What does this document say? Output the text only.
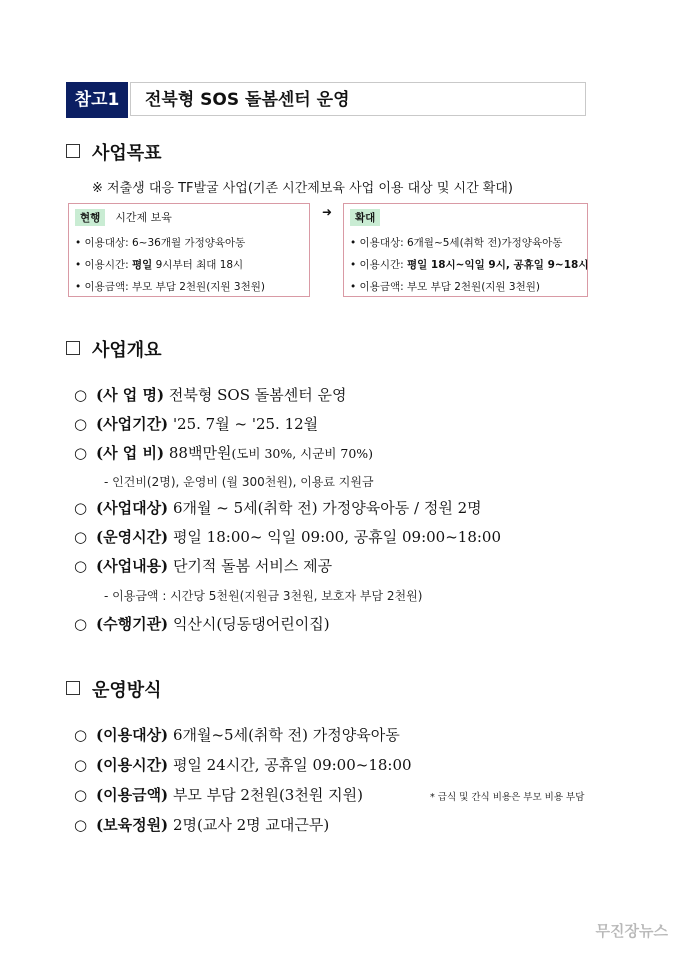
참고1	전북형 SOS 돌봄센터 운영
사업목표
※ 저출생 대응 TF발굴 사업(기존 시간제보육 사업 이용 대상 및 시간 확대)
현행 시간제 보육
• 이용대상: 6~36개월 가정양육아동
• 이용시간: 평일 9시부터 최대 18시
• 이용금액: 부모 부담 2천원(지원 3천원)
➜	확대
• 이용대상: 6개월~5세(취학 전)가정양육아동
• 이용시간: 평일 18시~익일 9시, 공휴일 9~18시
• 이용금액: 부모 부담 2천원(지원 3천원)
사업개요
○ (사 업 명) 전북형 SOS 돌봄센터 운영
○ (사업기간) '25. 7월 ~ '25. 12월
○ (사 업 비) 88백만원(도비 30%, 시군비 70%)
- 인건비(2명), 운영비 (월 300천원), 이용료 지원금
○ (사업대상) 6개월 ~ 5세(취학 전) 가정양육아동 / 정원 2명
○ (운영시간) 평일 18:00~ 익일 09:00, 공휴일 09:00~18:00
○ (사업내용) 단기적 돌봄 서비스 제공
- 이용금액 : 시간당 5천원(지원금 3천원, 보호자 부담 2천원)
○ (수행기관) 익산시(딩동댕어린이집)
운영방식
○ (이용대상) 6개월~5세(취학 전) 가정양육아동
○ (이용시간) 평일 24시간, 공휴일 09:00~18:00
○ (이용금액) 부모 부담 2천원(3천원 지원)	* 급식 및 간식 비용은 부모 비용 부담
○ (보육정원) 2명(교사 2명 교대근무)
무진장뉴스
